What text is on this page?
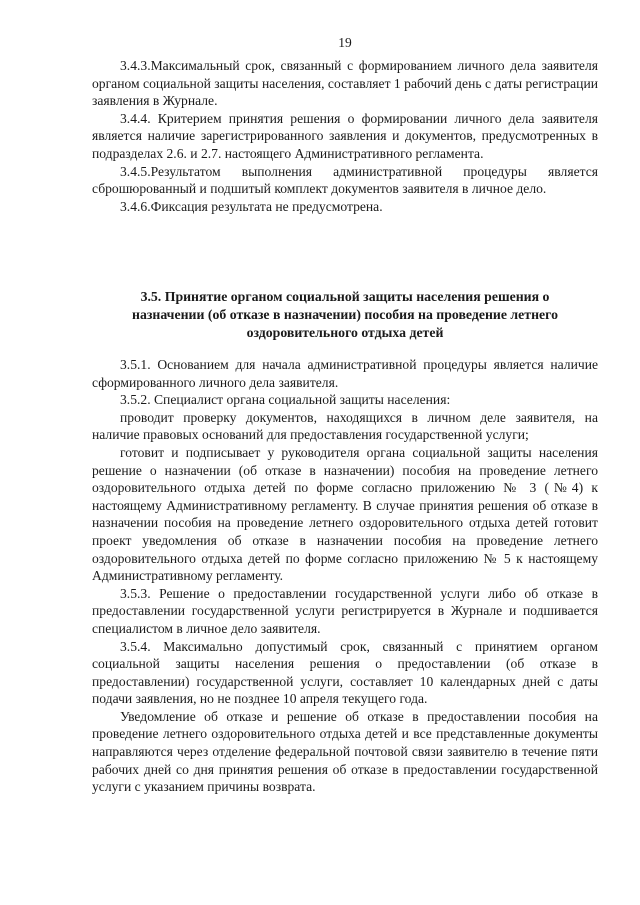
19

3.4.3.Максимальный срок, связанный с формированием личного дела заявителя органом социальной защиты населения, составляет 1 рабочий день с даты регистрации заявления в Журнале.

3.4.4. Критерием принятия решения о формировании личного дела заявителя является наличие зарегистрированного заявления и документов, предусмотренных в подразделах 2.6. и 2.7. настоящего Административного регламента.

3.4.5.Результатом выполнения административной процедуры является сброшюрованный и подшитый комплект документов заявителя в личное дело.

3.4.6.Фиксация результата не предусмотрена.

3.5. Принятие органом социальной защиты населения решения о
назначении (об отказе в назначении) пособия на проведение летнего
оздоровительного отдыха детей

3.5.1. Основанием для начала административной процедуры является наличие сформированного личного дела заявителя.

3.5.2. Специалист органа социальной защиты населения:

проводит проверку документов, находящихся в личном деле заявителя, на наличие правовых оснований для предоставления государственной услуги;

готовит и подписывает у руководителя органа социальной защиты населения решение о назначении (об отказе в назначении) пособия на проведение летнего оздоровительного отдыха детей по форме согласно приложению № 3 (№4) к настоящему Административному регламенту. В случае принятия решения об отказе в назначении пособия на проведение летнего оздоровительного отдыха детей готовит проект уведомления об отказе в назначении пособия на проведение летнего оздоровительного отдыха детей по форме согласно приложению № 5 к настоящему Административному регламенту.

3.5.3. Решение о предоставлении государственной услуги либо об отказе в предоставлении государственной услуги регистрируется в Журнале и подшивается специалистом в личное дело заявителя.

3.5.4. Максимально допустимый срок, связанный с принятием органом социальной защиты населения решения о предоставлении (об отказе в предоставлении) государственной услуги, составляет 10 календарных дней с даты подачи заявления, но не позднее 10 апреля текущего года.

Уведомление об отказе и решение об отказе в предоставлении пособия на проведение летнего оздоровительного отдыха детей и все представленные документы направляются через отделение федеральной почтовой связи заявителю в течение пяти рабочих дней со дня принятия решения об отказе в предоставлении государственной услуги с указанием причины возврата.
